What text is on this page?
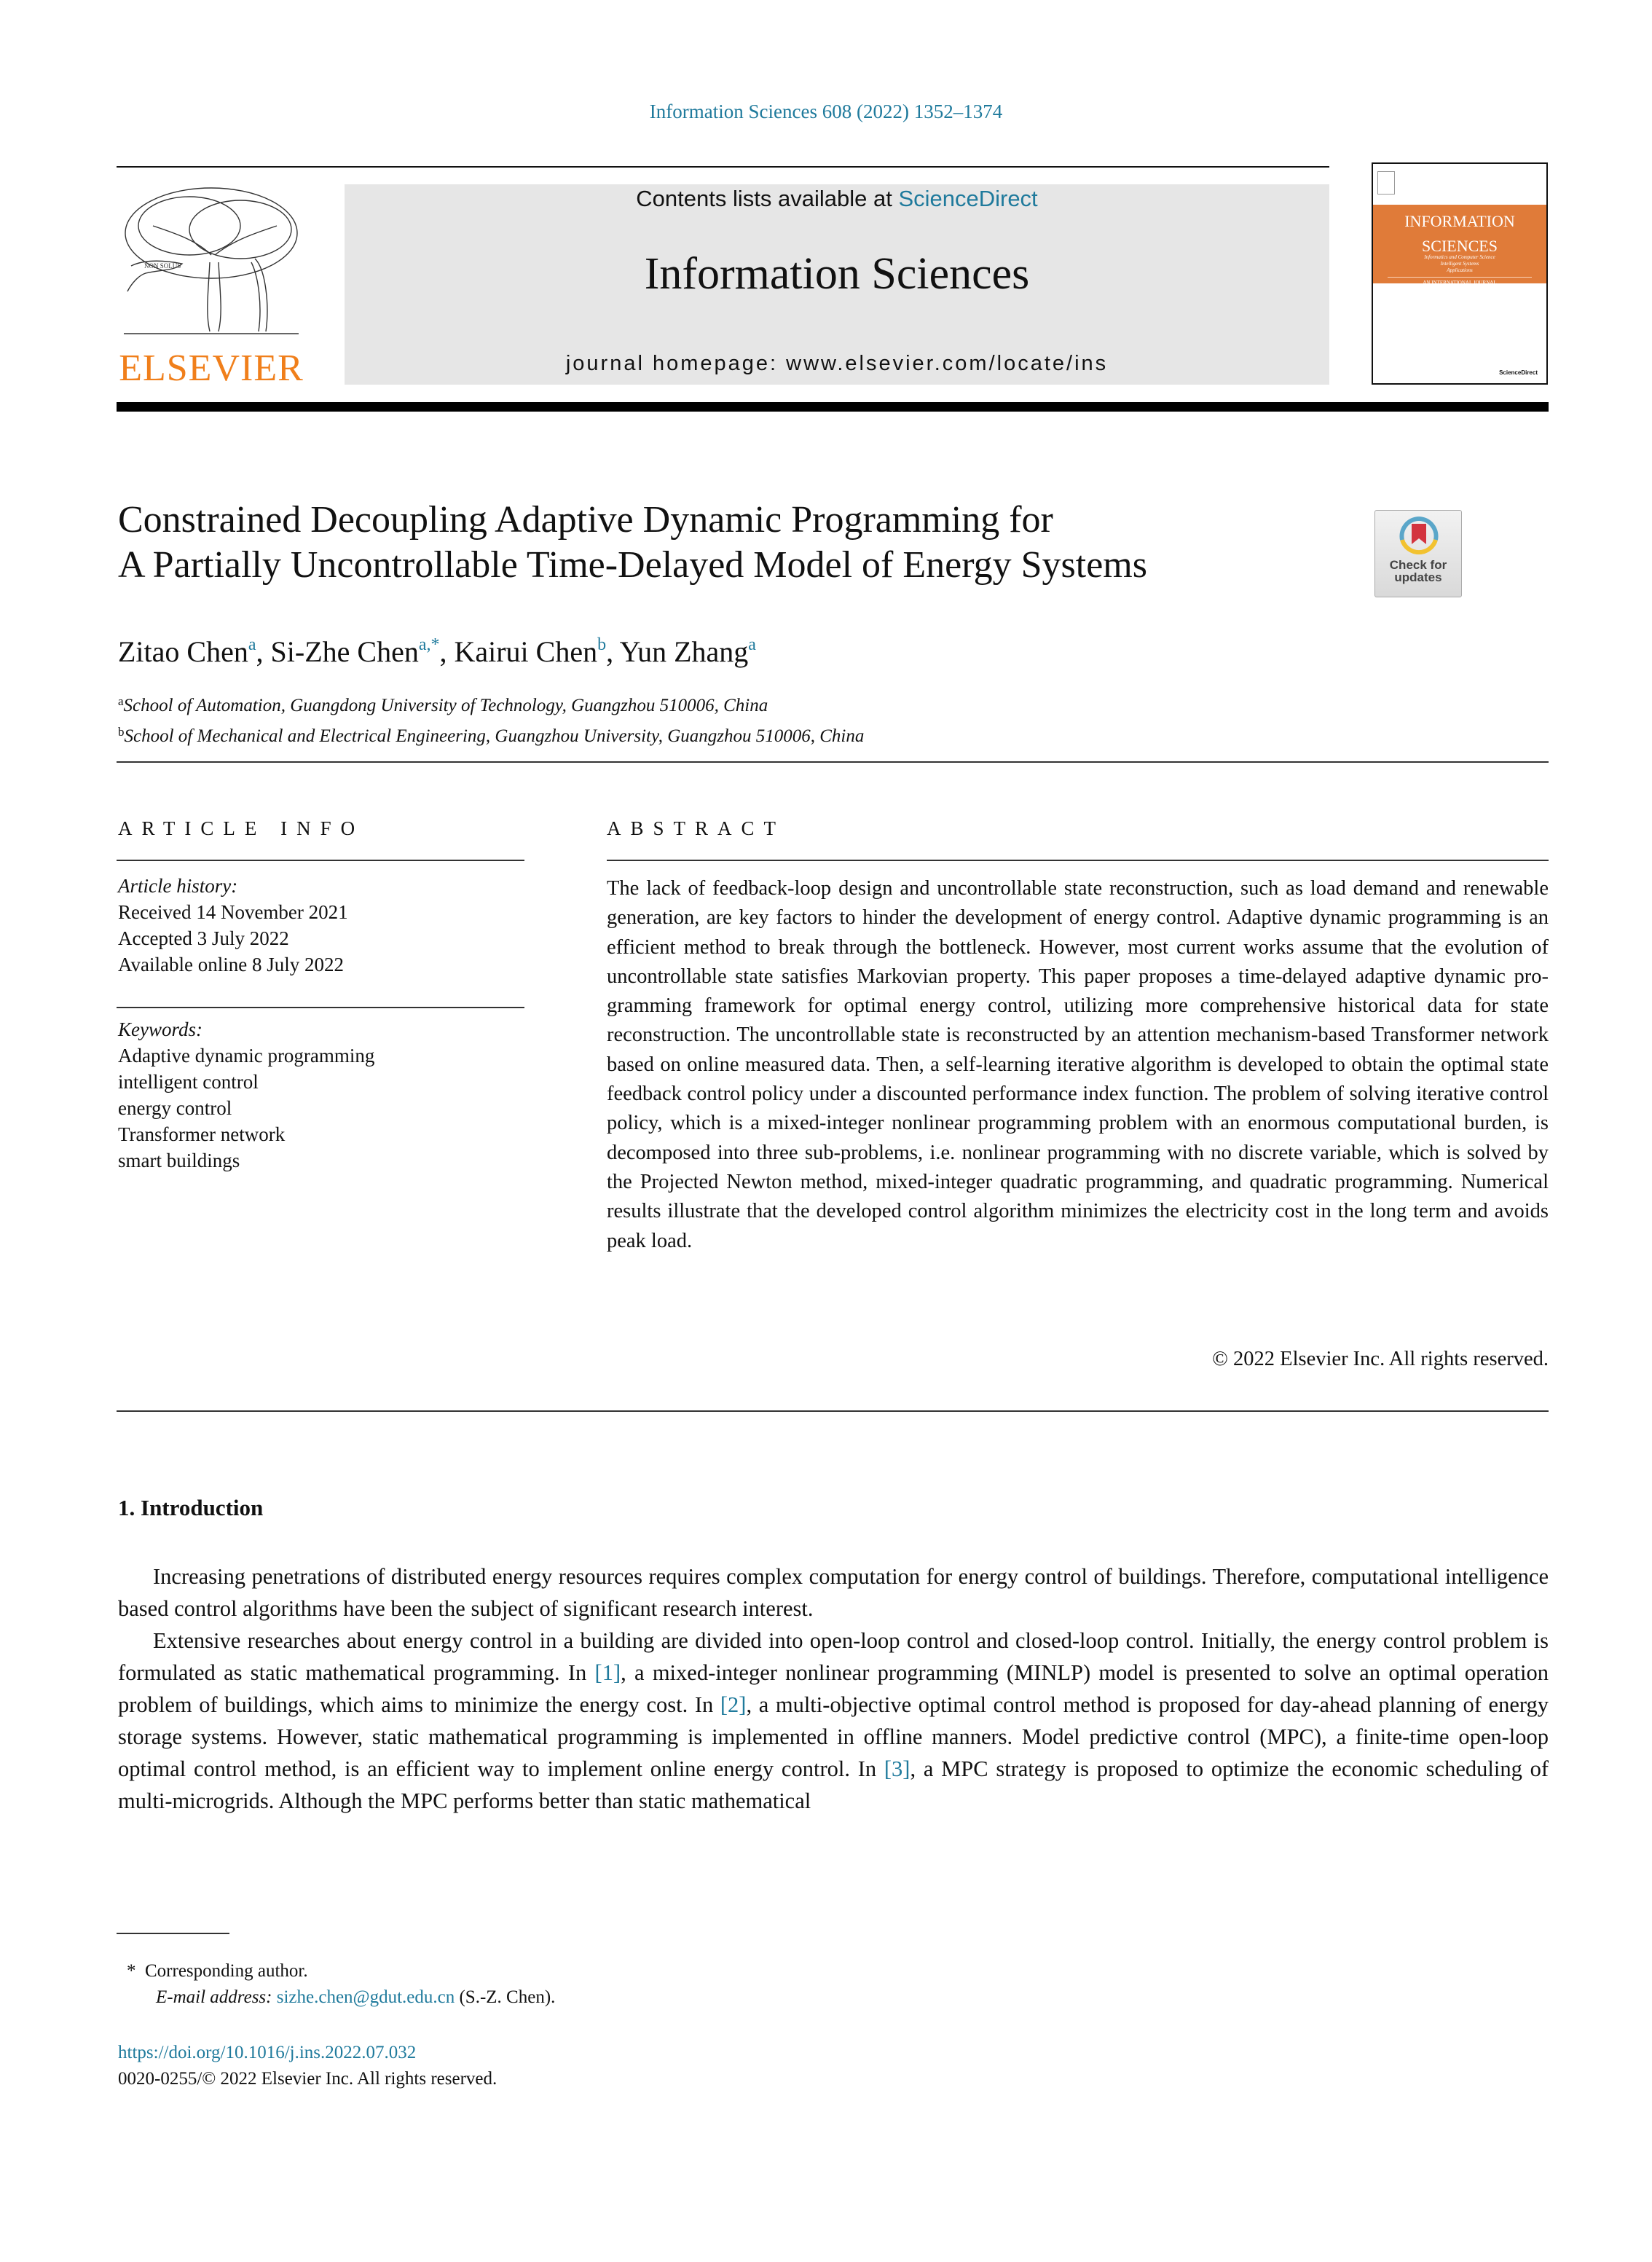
Information Sciences 608 (2022) 1352–1374
NON SOLUS
ELSEVIER
Contents lists available at ScienceDirect
Information Sciences
journal homepage: www.elsevier.com/locate/ins
INFORMATION
SCIENCES
Informatics and Computer Science
Intelligent Systems
Applications
AN INTERNATIONAL JOURNAL
ScienceDirect
Constrained Decoupling Adaptive Dynamic Programming for
A Partially Uncontrollable Time-Delayed Model of Energy Systems	Check for
updates
Zitao Chen$^a$, Si-Zhe Chen$^{a,*}$, Kairui Chen$^b$, Yun Zhang$^a$
$^a$School of Automation, Guangdong University of Technology, Guangzhou 510006, China
$^b$School of Mechanical and Electrical Engineering, Guangzhou University, Guangzhou 510006, China
ARTICLE INFO
Article history:
Received 14 November 2021
Accepted 3 July 2022
Available online 8 July 2022
Keywords:
Adaptive dynamic programming
intelligent control
energy control
Transformer network
smart buildings
ABSTRACT
The lack of feedback-loop design and uncontrollable state reconstruction, such as load demand and renewable generation, are key factors to hinder the development of energy control. Adaptive dynamic programming is an efficient method to break through the bottleneck. However, most current works assume that the evolution of uncontrollable state satisfies Markovian property. This paper proposes a time-delayed adaptive dynamic programming framework for optimal energy control, utilizing more comprehensive historical data for state reconstruction. The uncontrollable state is reconstructed by an attention mechanism-based Transformer network based on online measured data. Then, a self-learning iterative algorithm is developed to obtain the optimal state feedback control policy under a discounted performance index function. The problem of solving iterative control policy, which is a mixed-integer nonlinear programming problem with an enormous computational burden, is decomposed into three sub-problems, i.e. nonlinear programming with no discrete variable, which is solved by the Projected Newton method, mixed-integer quadratic programming, and quadratic programming. Numerical results illustrate that the developed control algorithm minimizes the electricity cost in the long term and avoids peak load.
© 2022 Elsevier Inc. All rights reserved.
1. Introduction

Increasing penetrations of distributed energy resources requires complex computation for energy control of buildings. Therefore, computational intelligence based control algorithms have been the subject of significant research interest.

Extensive researches about energy control in a building are divided into open-loop control and closed-loop control. Initially, the energy control problem is formulated as static mathematical programming. In [1], a mixed-integer nonlinear programming (MINLP) model is presented to solve an optimal operation problem of buildings, which aims to minimize the energy cost. In [2], a multi-objective optimal control method is proposed for day-ahead planning of energy storage systems. However, static mathematical programming is implemented in offline manners. Model predictive control (MPC), a finite-time open-loop optimal control method, is an efficient way to implement online energy control. In [3], a MPC strategy is proposed to optimize the economic scheduling of multi-microgrids. Although the MPC performs better than static mathematical

* Corresponding author.
E-mail address: sizhe.chen@gdut.edu.cn (S.-Z. Chen).
https://doi.org/10.1016/j.ins.2022.07.032
0020-0255/© 2022 Elsevier Inc. All rights reserved.
